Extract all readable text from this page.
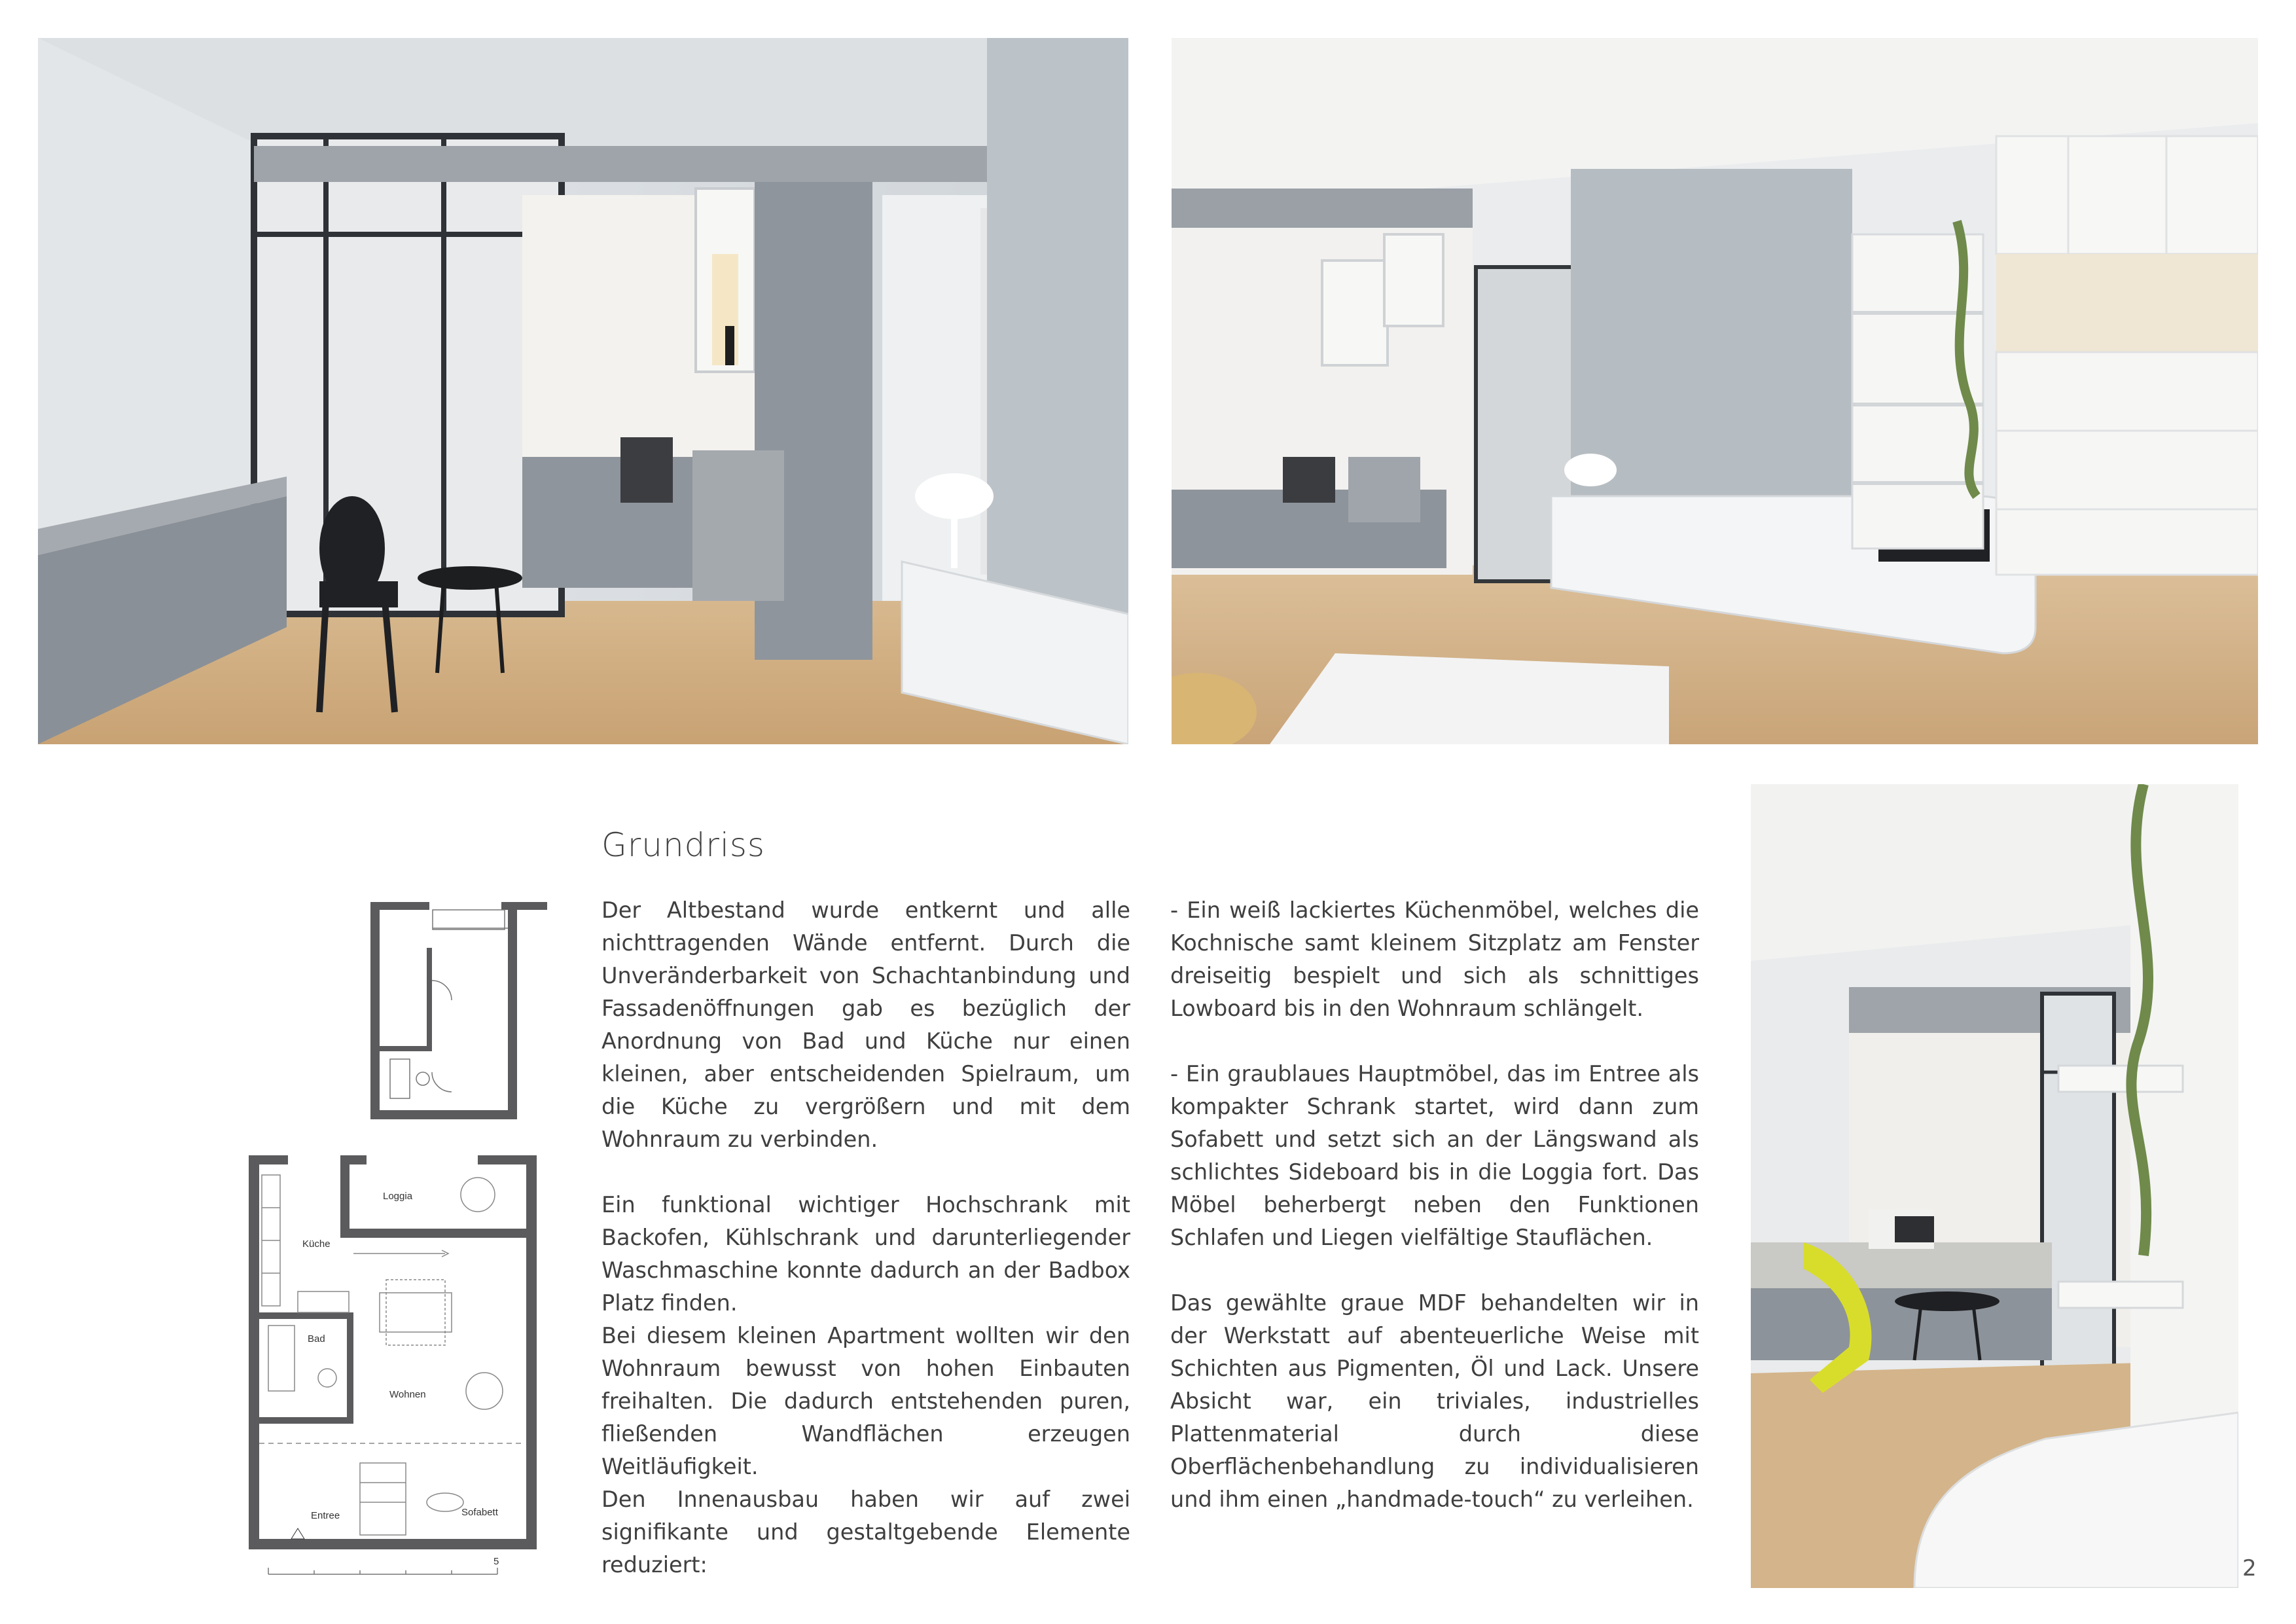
Grundriss

Der Altbestand wurde entkernt und alle nichttragenden Wände entfernt. Durch die Unveränderbarkeit von Schachtanbindung und Fassadenöffnungen gab es bezüglich der Anordnung von Bad und Küche nur einen kleinen, aber entscheidenden Spielraum, um die Küche zu vergrößern und mit dem Wohnraum zu verbinden.

Ein funktional wichtiger Hochschrank mit Backofen, Kühlschrank und darunterliegender Waschmaschine konnte dadurch an der Badbox Platz finden.

Bei diesem kleinen Apartment wollten wir den Wohnraum bewusst von hohen Einbauten freihalten. Die dadurch entstehenden puren, fließenden Wandflächen erzeugen Weitläufigkeit.

Den Innenausbau haben wir auf zwei signifikante und gestaltgebende Elemente reduziert:

- Ein weiß lackiertes Küchenmöbel, welches die Kochnische samt kleinem Sitzplatz am Fenster dreiseitig bespielt und sich als schnittiges Lowboard bis in den Wohnraum schlängelt.

- Ein graublaues Hauptmöbel, das im Entree als kompakter Schrank startet, wird dann zum Sofabett und setzt sich an der Längswand als schlichtes Sideboard bis in die Loggia fort. Das Möbel beherbergt neben den Funktionen Schlafen und Liegen vielfältige Stauflächen.

Das gewählte graue MDF behandelten wir in der Werkstatt auf abenteuerliche Weise mit Schichten aus Pigmenten, Öl und Lack. Unsere Absicht war, ein triviales, industrielles Plattenmaterial durch diese Oberflächenbehandlung zu individualisieren und ihm einen „handmade-touch“ zu verleihen.

2
Loggia
Küche
Bad
Wohnen
Entree	Sofabett
5
